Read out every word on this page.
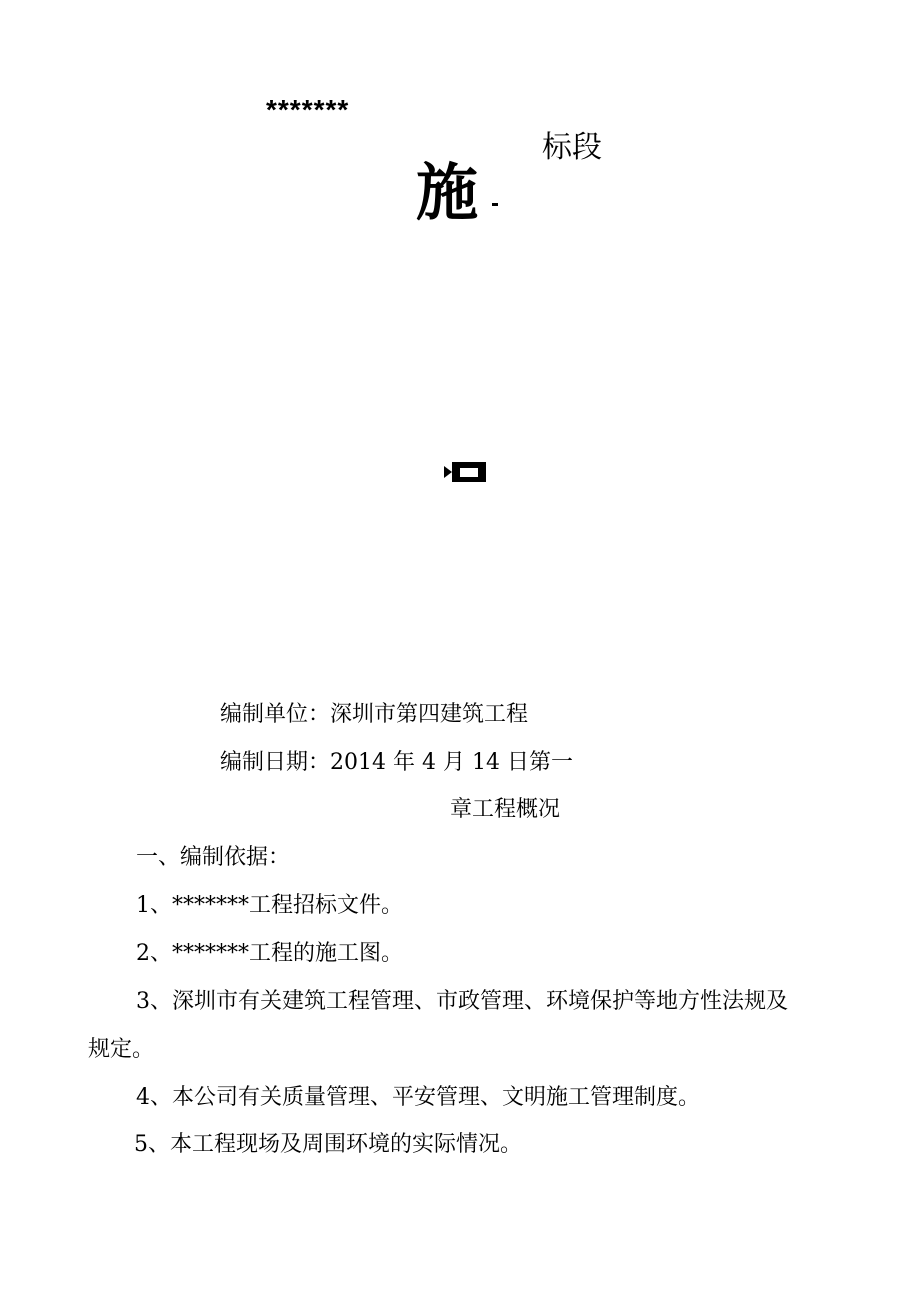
*******
标段
施
编制单位：深圳市第四建筑工程
编制日期：2014 年 4 月 14 日第一
章工程概况
一、编制依据：
1、*******工程招标文件。
2、*******工程的施工图。
3、深圳市有关建筑工程管理、市政管理、环境保护等地方性法规及
规定。
4、本公司有关质量管理、平安管理、文明施工管理制度。
5、本工程现场及周围环境的实际情况。
